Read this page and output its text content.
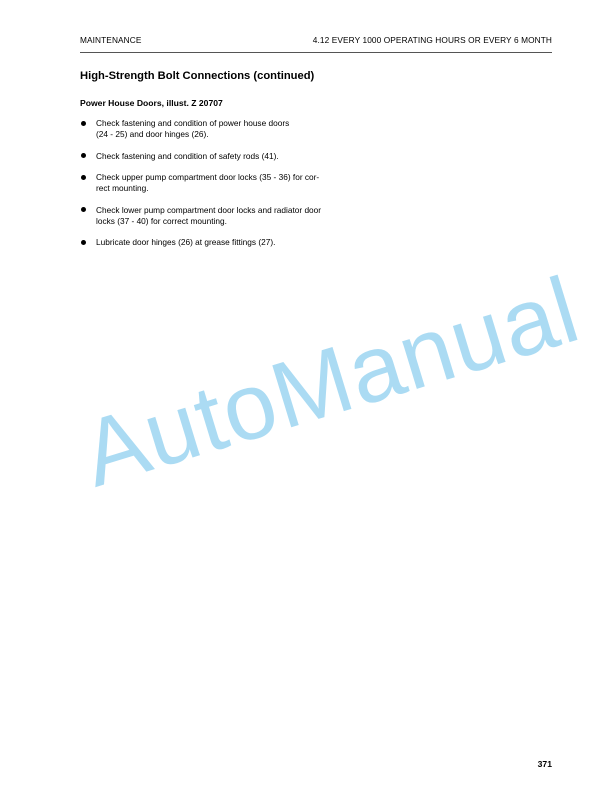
MAINTENANCE	4.12 EVERY 1000 OPERATING HOURS OR EVERY 6 MONTH
High-Strength Bolt Connections (continued)
Power House Doors, illust. Z 20707
Check fastening and condition of power house doors
(24 - 25) and door hinges (26).
Check fastening and condition of safety rods (41).
Check upper pump compartment door locks (35 - 36) for cor-
rect mounting.
Check lower pump compartment door locks and radiator door
locks (37 - 40) for correct mounting.
Lubricate door hinges (26) at grease fittings (27).
AutoManual
371
